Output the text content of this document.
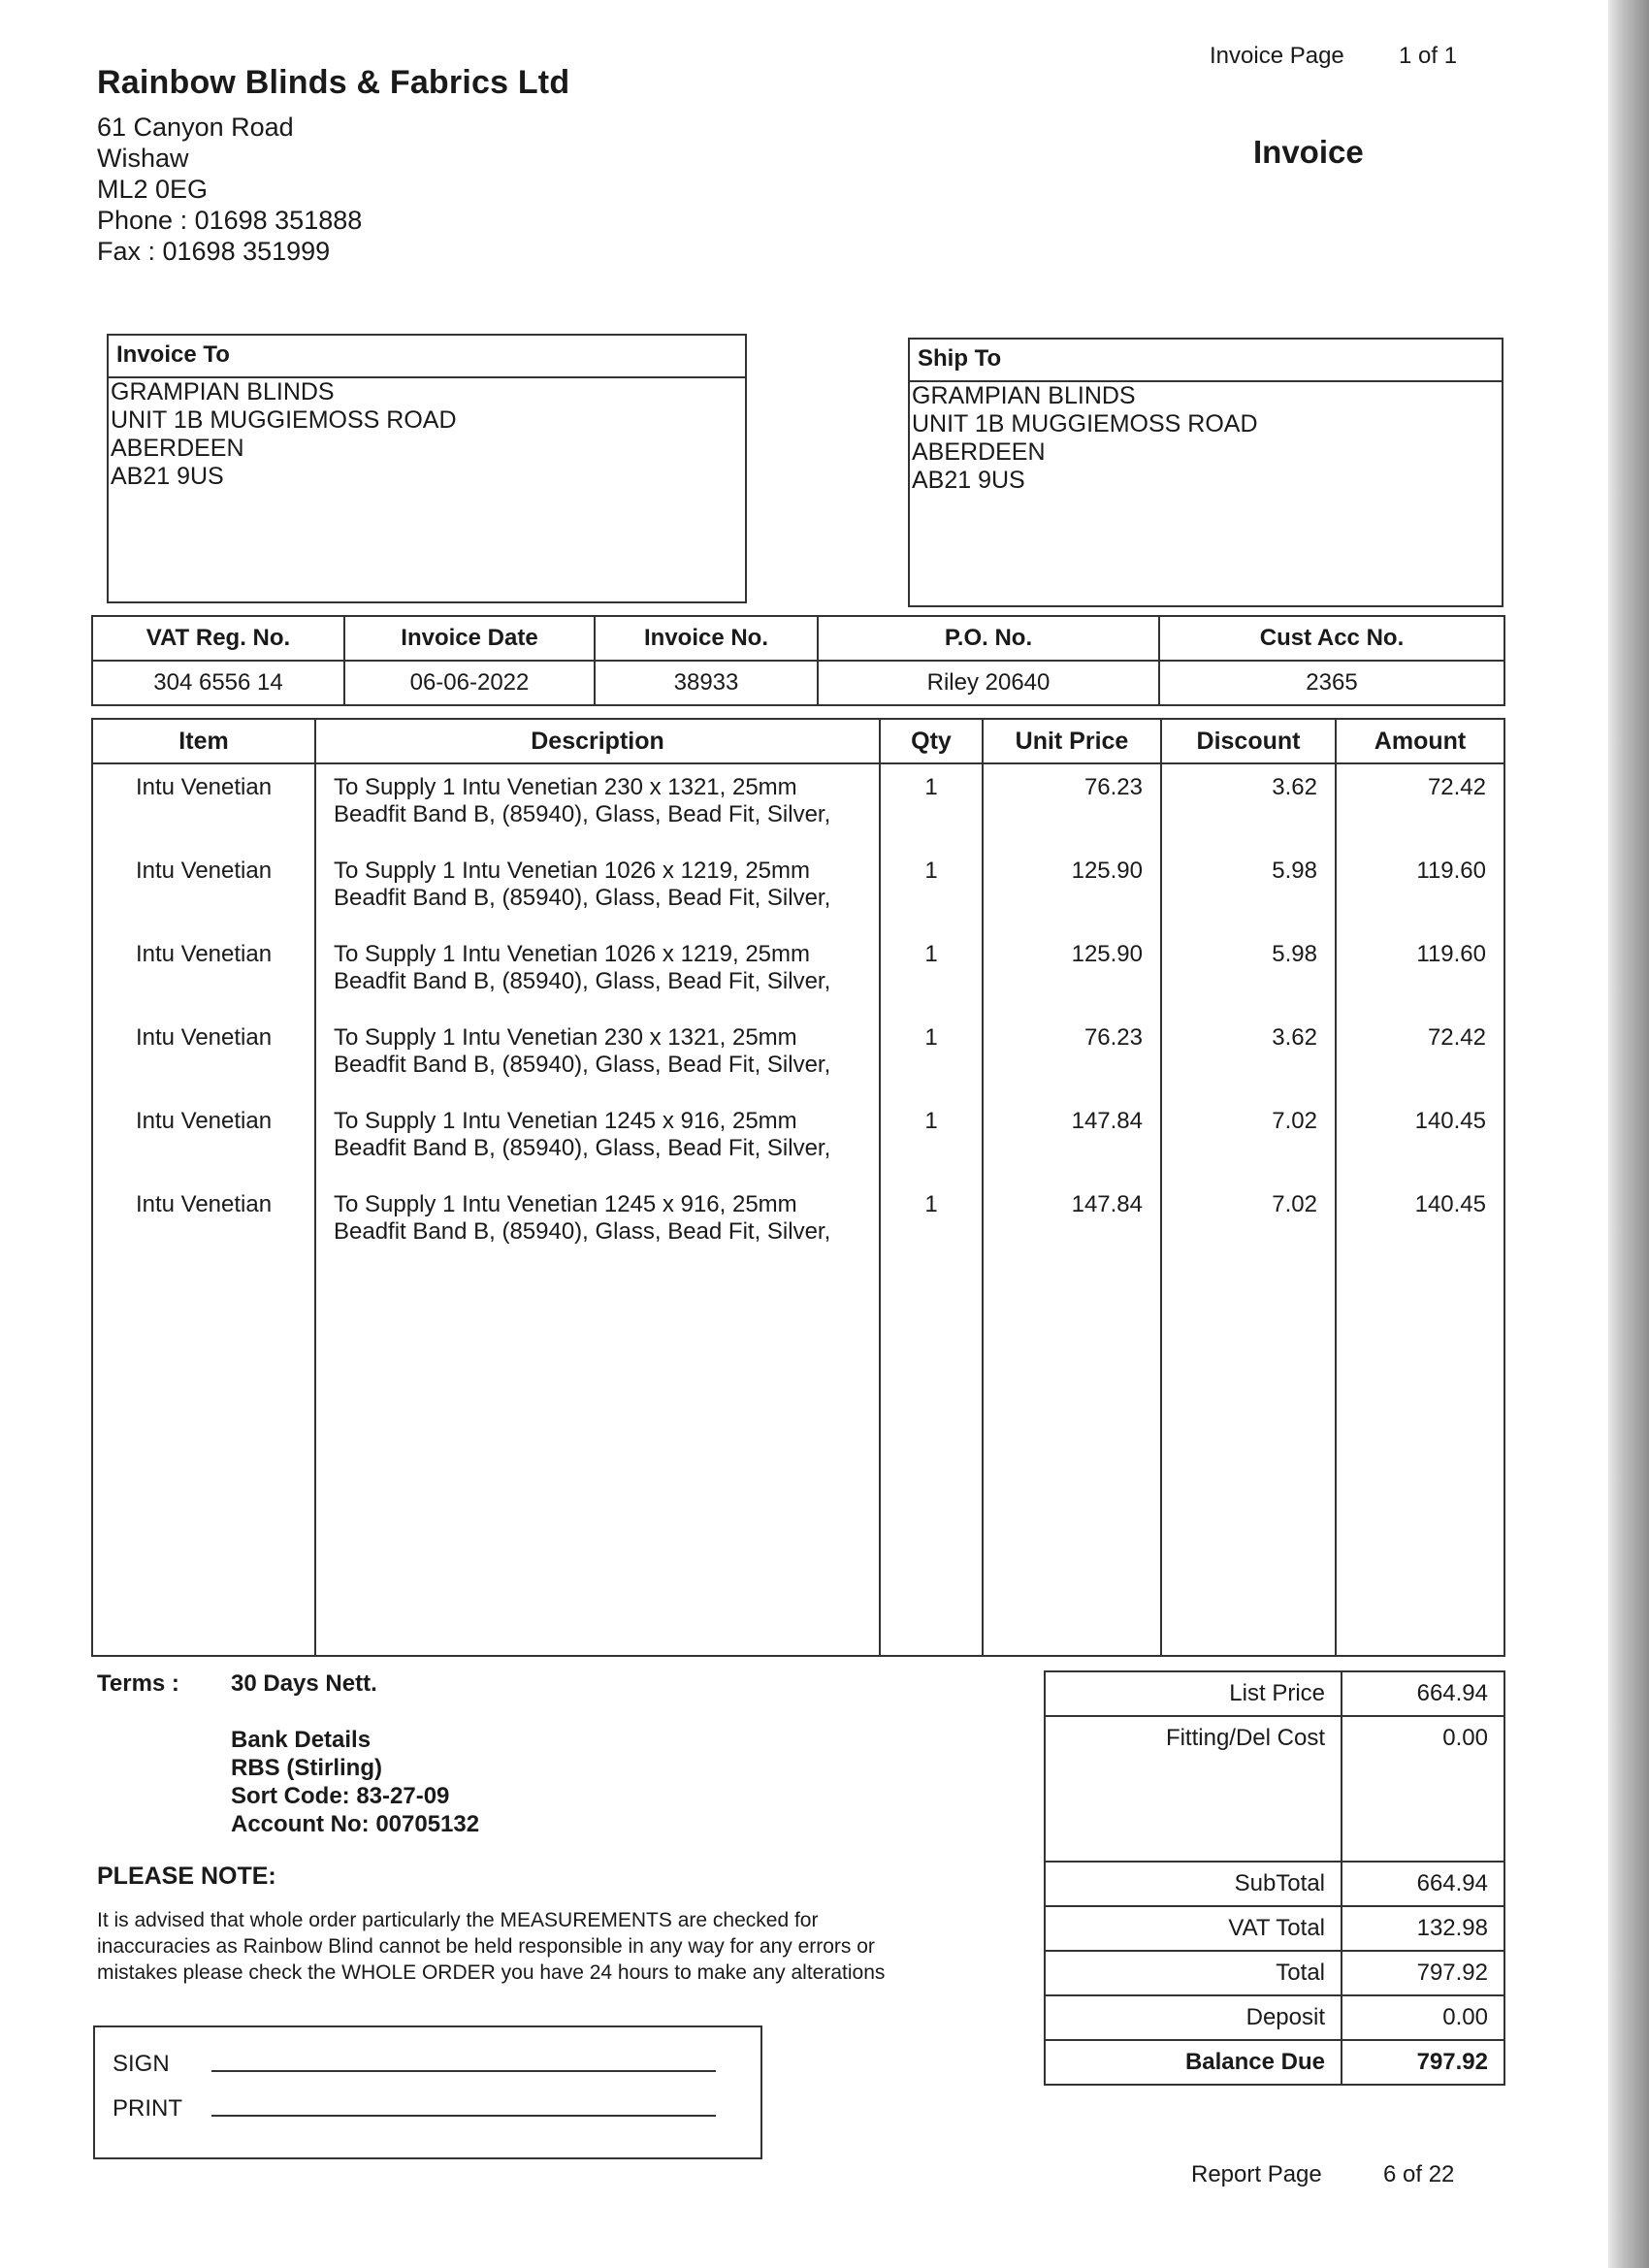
Invoice Page 1 of 1
Invoice
Rainbow Blinds & Fabrics Ltd
61 Canyon Road
Wishaw
ML2 0EG
Phone : 01698 351888
Fax : 01698 351999
Invoice To
GRAMPIAN BLINDS
UNIT 1B MUGGIEMOSS ROAD
ABERDEEN
AB21 9US
Ship To
GRAMPIAN BLINDS
UNIT 1B MUGGIEMOSS ROAD
ABERDEEN
AB21 9US
VAT Reg. No.	Invoice Date	Invoice No.	P.O. No.	Cust Acc No.
304 6556 14	06-06-2022	38933	Riley 20640	2365
Item	Description	Qty	Unit Price	Discount	Amount
Intu Venetian	To Supply 1 Intu Venetian 230 x 1321, 25mm
Beadfit Band B, (85940), Glass, Bead Fit, Silver,	1	76.23	3.62	72.42
Intu Venetian	To Supply 1 Intu Venetian 1026 x 1219, 25mm
Beadfit Band B, (85940), Glass, Bead Fit, Silver,	1	125.90	5.98	119.60
Intu Venetian	To Supply 1 Intu Venetian 1026 x 1219, 25mm
Beadfit Band B, (85940), Glass, Bead Fit, Silver,	1	125.90	5.98	119.60
Intu Venetian	To Supply 1 Intu Venetian 230 x 1321, 25mm
Beadfit Band B, (85940), Glass, Bead Fit, Silver,	1	76.23	3.62	72.42
Intu Venetian	To Supply 1 Intu Venetian 1245 x 916, 25mm
Beadfit Band B, (85940), Glass, Bead Fit, Silver,	1	147.84	7.02	140.45
Intu Venetian	To Supply 1 Intu Venetian 1245 x 916, 25mm
Beadfit Band B, (85940), Glass, Bead Fit, Silver,	1	147.84	7.02	140.45

Terms : 30 Days Nett.
Bank Details
RBS (Stirling)
Sort Code: 83-27-09
Account No: 00705132
PLEASE NOTE:
It is advised that whole order particularly the MEASUREMENTS are checked for
inaccuracies as Rainbow Blind cannot be held responsible in any way for any errors or
mistakes please check the WHOLE ORDER you have 24 hours to make any alterations
List Price	664.94
Fitting/Del Cost	0.00
SubTotal	664.94
VAT Total	132.98
Total	797.92
Deposit	0.00
Balance Due	797.92
SIGN
PRINT
Report Page	6 of 22
